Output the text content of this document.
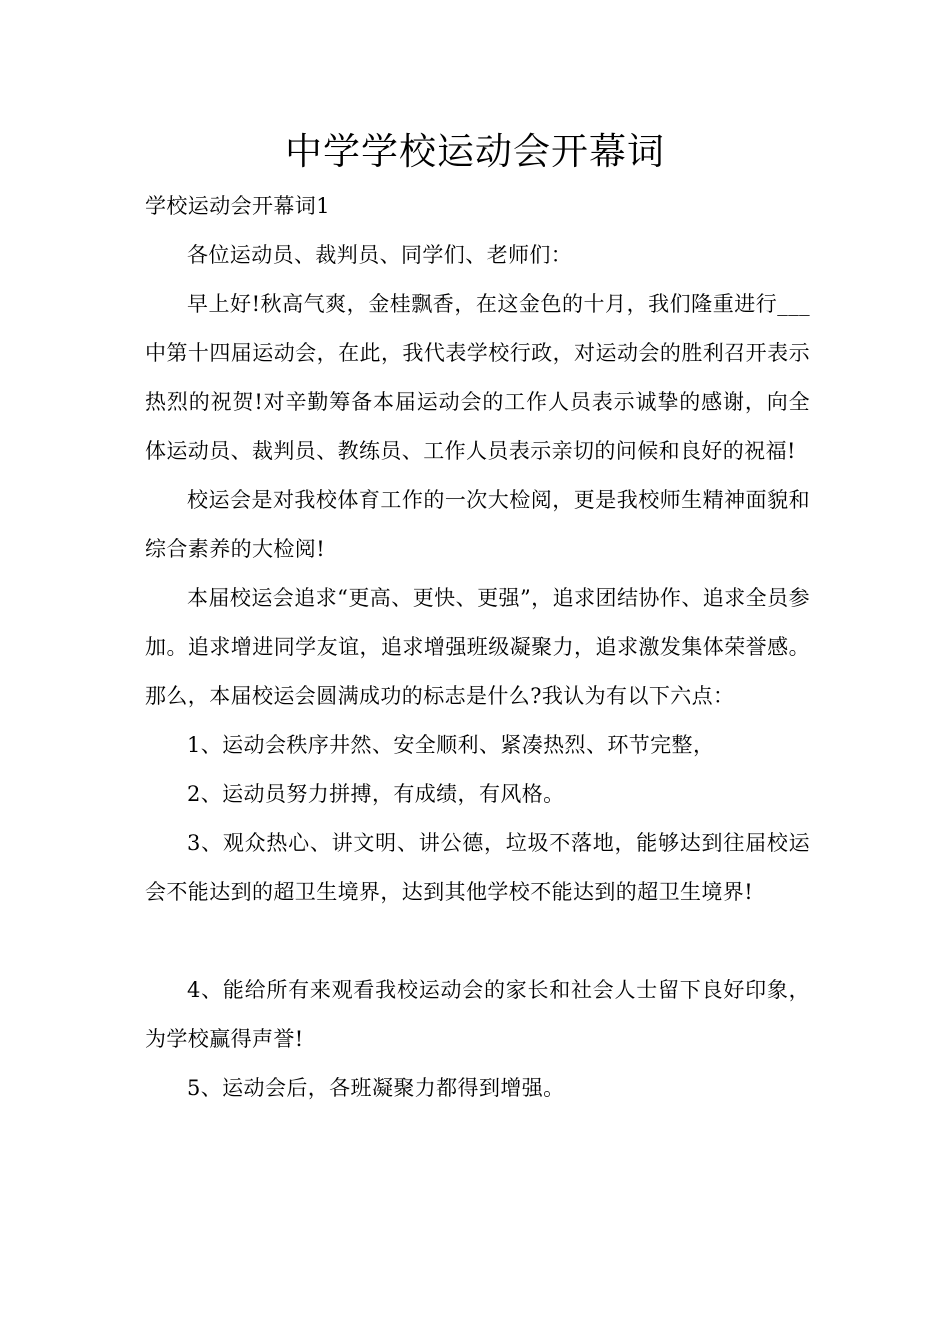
中学学校运动会开幕词

学校运动会开幕词1

各位运动员、裁判员、同学们、老师们：

早上好!秋高气爽，金桂飘香，在这金色的十月，我们隆重进行___中第十四届运动会，在此，我代表学校行政，对运动会的胜利召开表示热烈的祝贺!对辛勤筹备本届运动会的工作人员表示诚挚的感谢，向全体运动员、裁判员、教练员、工作人员表示亲切的问候和良好的祝福!

校运会是对我校体育工作的一次大检阅，更是我校师生精神面貌和综合素养的大检阅!

本届校运会追求“更高、更快、更强”，追求团结协作、追求全员参加。追求增进同学友谊，追求增强班级凝聚力，追求激发集体荣誉感。那么，本届校运会圆满成功的标志是什么?我认为有以下六点：

1、运动会秩序井然、安全顺利、紧凑热烈、环节完整，

2、运动员努力拼搏，有成绩，有风格。

3、观众热心、讲文明、讲公德，垃圾不落地，能够达到往届校运会不能达到的超卫生境界，达到其他学校不能达到的超卫生境界!

4、能给所有来观看我校运动会的家长和社会人士留下良好印象，为学校赢得声誉!

5、运动会后，各班凝聚力都得到增强。
